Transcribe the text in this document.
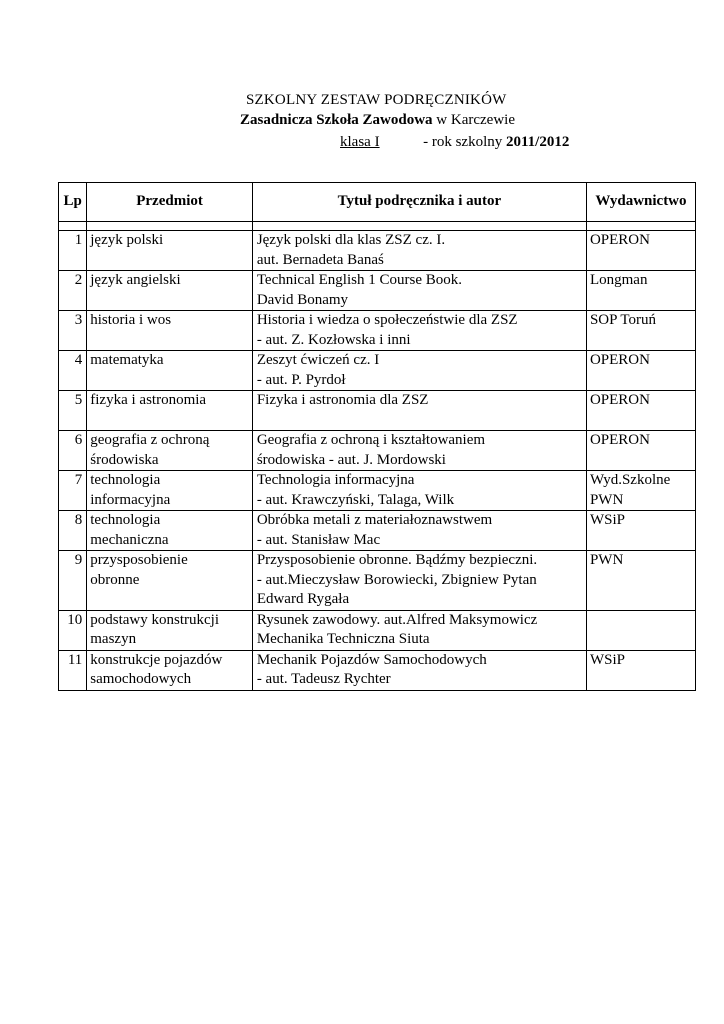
SZKOLNY ZESTAW PODRĘCZNIKÓW
Zasadnicza Szkoła Zawodowa w Karczewie
klasa I	- rok szkolny 2011/2012
Lp	Przedmiot	Tytuł podręcznika i autor	Wydawnictwo

1	język polski	Język polski dla klas ZSZ cz. I.
aut. Bernadeta Banaś	OPERON

2	język angielski	Technical English 1 Course Book.
David Bonamy	Longman

3	historia i wos	Historia i wiedza o społeczeństwie dla ZSZ
- aut. Z. Kozłowska i inni	SOP Toruń

4	matematyka	Zeszyt ćwiczeń cz. I
- aut. P. Pyrdoł	OPERON

5	fizyka i astronomia	Fizyka i astronomia dla ZSZ	OPERON

6	geografia z ochroną
środowiska	Geografia z ochroną i kształtowaniem
środowiska - aut. J. Mordowski	OPERON

7	technologia
informacyjna	Technologia informacyjna
- aut. Krawczyński, Talaga, Wilk	Wyd.Szkolne
PWN

8	technologia
mechaniczna	Obróbka metali z materiałoznawstwem
- aut. Stanisław Mac	WSiP

9	przysposobienie
obronne	Przysposobienie obronne. Bądźmy bezpieczni.
- aut.Mieczysław Borowiecki, Zbigniew Pytan
Edward Rygała	PWN

10	podstawy konstrukcji
maszyn	Rysunek zawodowy. aut.Alfred Maksymowicz
Mechanika Techniczna Siuta	

11	konstrukcje pojazdów
samochodowych	Mechanik Pojazdów Samochodowych
- aut. Tadeusz Rychter	WSiP
